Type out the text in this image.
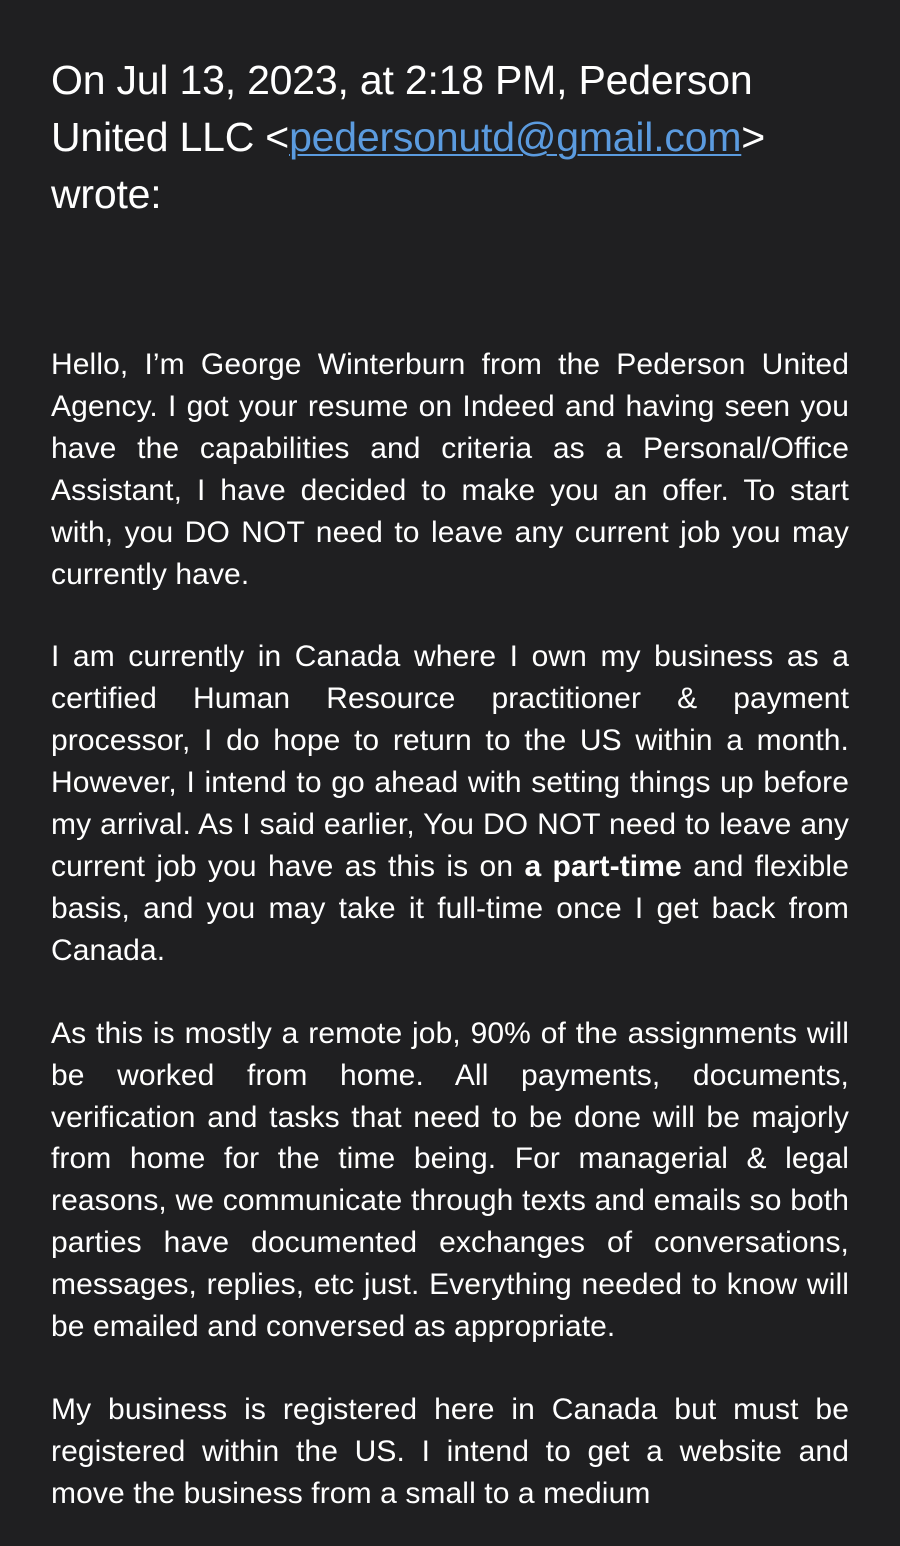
On Jul 13, 2023, at 2:18 PM, Pederson United LLC <pedersonutd@gmail.com> wrote:

Hello, I’m George Winterburn from the Pederson United Agency. I got your resume on Indeed and having seen you have the capabilities and criteria as a Personal/Office Assistant, I have decided to make you an offer. To start with, you DO NOT need to leave any current job you may currently have.

I am currently in Canada where I own my business as a certified Human Resource practitioner & payment processor, I do hope to return to the US within a month. However, I intend to go ahead with setting things up before my arrival. As I said earlier, You DO NOT need to leave any current job you have as this is on a part-time and flexible basis, and you may take it full-time once I get back from Canada.

As this is mostly a remote job, 90% of the assignments will be worked from home. All payments, documents, verification and tasks that need to be done will be majorly from home for the time being. For managerial & legal reasons, we communicate through texts and emails so both parties have documented exchanges of conversations, messages, replies, etc just. Everything needed to know will be emailed and conversed as appropriate.

My business is registered here in Canada but must be registered within the US. I intend to get a website and move the business from a small to a medium
